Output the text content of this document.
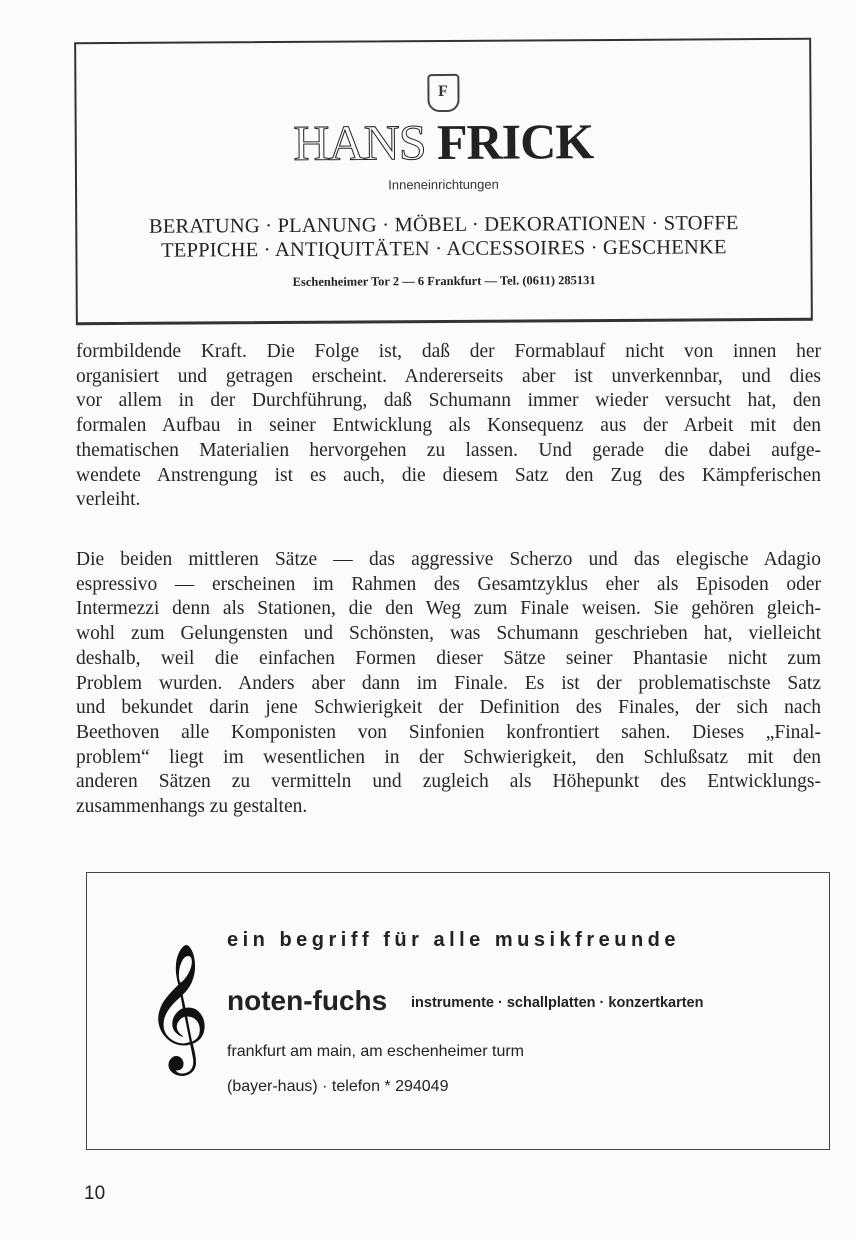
F
HANS FRICK
Inneneinrichtungen
BERATUNG · PLANUNG · MÖBEL · DEKORATIONEN · STOFFE
TEPPICHE · ANTIQUITÄTEN · ACCESSOIRES · GESCHENKE
Eschenheimer Tor 2 — 6 Frankfurt — Tel. (0611) 285131
formbildende Kraft. Die Folge ist, daß der Formablauf nicht von innen her
organisiert und getragen erscheint. Andererseits aber ist unverkennbar, und dies
vor allem in der Durchführung, daß Schumann immer wieder versucht hat, den
formalen Aufbau in seiner Entwicklung als Konsequenz aus der Arbeit mit den
thematischen Materialien hervorgehen zu lassen. Und gerade die dabei aufge-
wendete Anstrengung ist es auch, die diesem Satz den Zug des Kämpferischen
verleiht.
Die beiden mittleren Sätze — das aggressive Scherzo und das elegische Adagio
espressivo — erscheinen im Rahmen des Gesamtzyklus eher als Episoden oder
Intermezzi denn als Stationen, die den Weg zum Finale weisen. Sie gehören gleich-
wohl zum Gelungensten und Schönsten, was Schumann geschrieben hat, vielleicht
deshalb, weil die einfachen Formen dieser Sätze seiner Phantasie nicht zum
Problem wurden. Anders aber dann im Finale. Es ist der problematischste Satz
und bekundet darin jene Schwierigkeit der Definition des Finales, der sich nach
Beethoven alle Komponisten von Sinfonien konfrontiert sahen. Dieses „Final-
problem“ liegt im wesentlichen in der Schwierigkeit, den Schlußsatz mit den
anderen Sätzen zu vermitteln und zugleich als Höhepunkt des Entwicklungs-
zusammenhangs zu gestalten.
𝄞
ein begriff für alle musikfreunde
noten-fuchs instrumente · schallplatten · konzertkarten
frankfurt am main, am eschenheimer turm
(bayer-haus) · telefon * 294049
10
